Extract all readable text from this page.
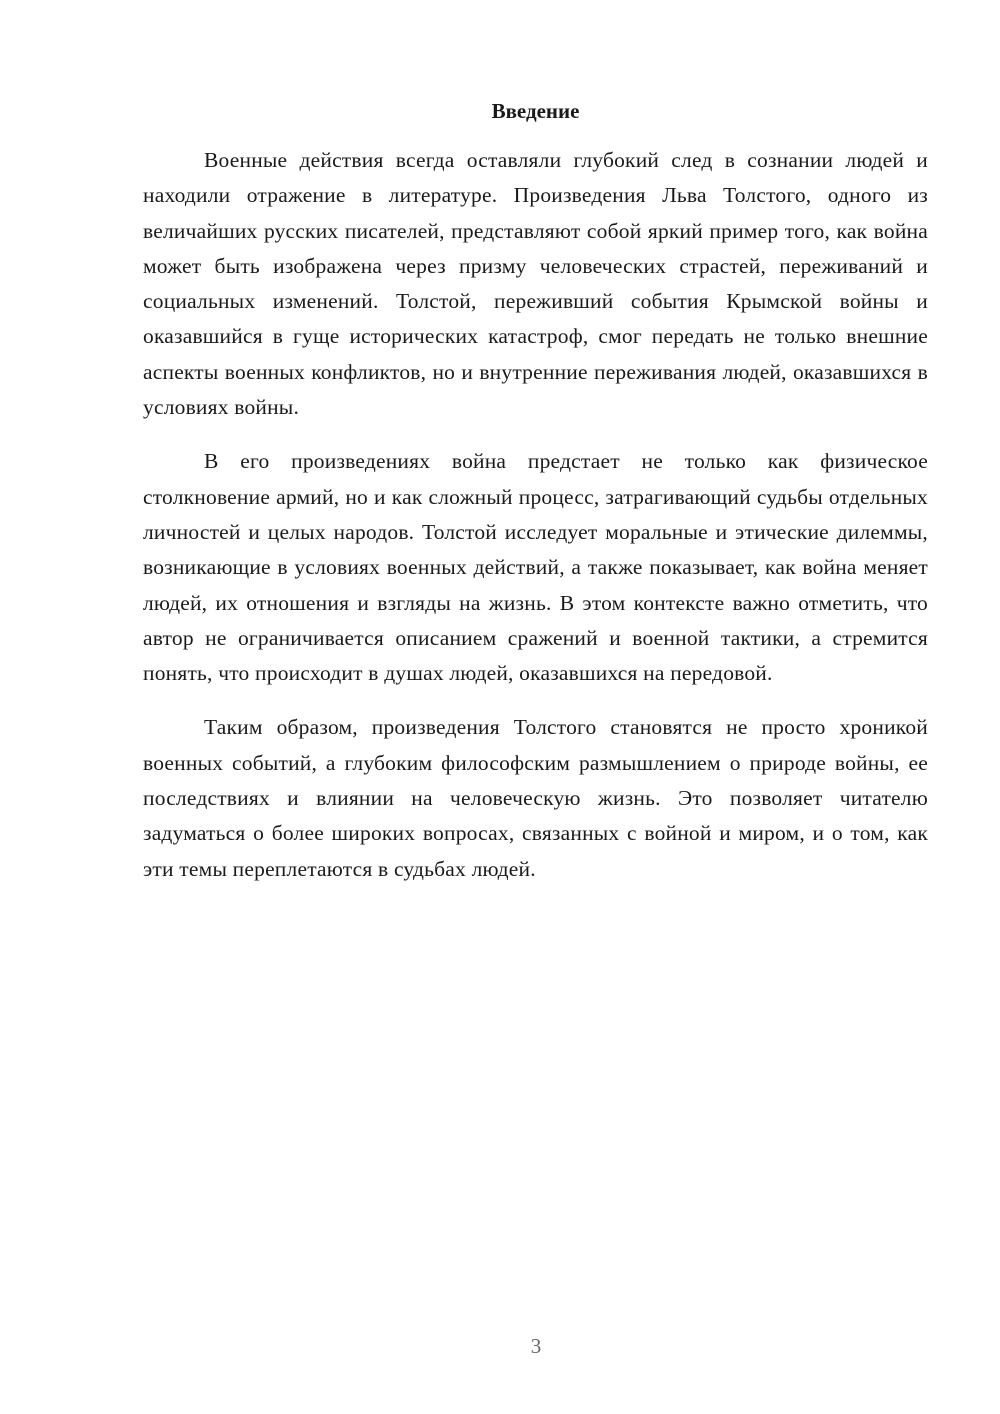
Введение

Военные действия всегда оставляли глубокий след в сознании людей и находили отражение в литературе. Произведения Льва Толстого, одного из величайших русских писателей, представляют собой яркий пример того, как война может быть изображена через призму человеческих страстей, переживаний и социальных изменений. Толстой, переживший события Крымской войны и оказавшийся в гуще исторических катастроф, смог передать не только внешние аспекты военных конфликтов, но и внутренние переживания людей, оказавшихся в условиях войны.

В его произведениях война предстает не только как физическое столкновение армий, но и как сложный процесс, затрагивающий судьбы отдельных личностей и целых народов. Толстой исследует моральные и этические дилеммы, возникающие в условиях военных действий, а также показывает, как война меняет людей, их отношения и взгляды на жизнь. В этом контексте важно отметить, что автор не ограничивается описанием сражений и военной тактики, а стремится понять, что происходит в душах людей, оказавшихся на передовой.

Таким образом, произведения Толстого становятся не просто хроникой военных событий, а глубоким философским размышлением о природе войны, ее последствиях и влиянии на человеческую жизнь. Это позволяет читателю задуматься о более широких вопросах, связанных с войной и миром, и о том, как эти темы переплетаются в судьбах людей.

3
